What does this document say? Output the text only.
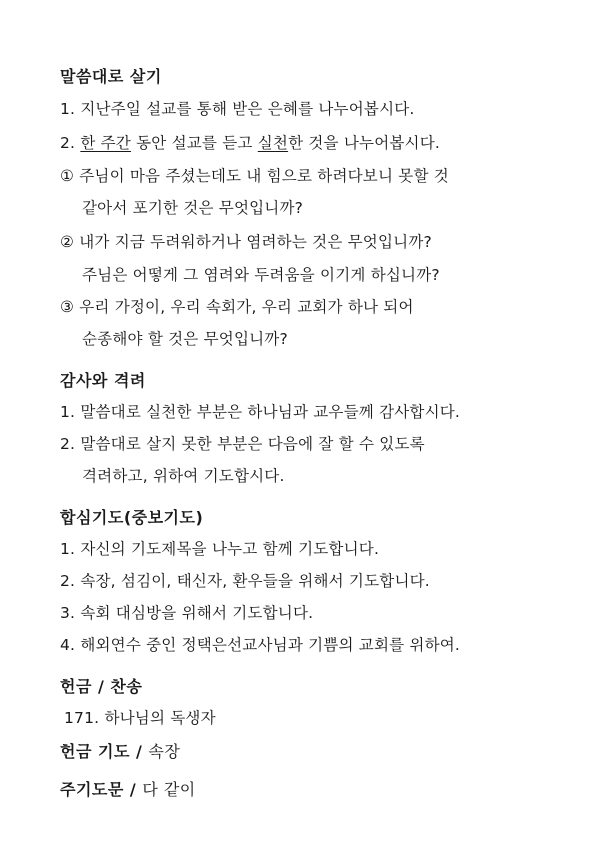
말씀대로 살기
1. 지난주일 설교를 통해 받은 은혜를 나누어봅시다.
2. 한 주간 동안 설교를 듣고 실천한 것을 나누어봅시다.
① 주님이 마음 주셨는데도 내 힘으로 하려다보니 못할 것
같아서 포기한 것은 무엇입니까?
② 내가 지금 두려워하거나 염려하는 것은 무엇입니까?
주님은 어떻게 그 염려와 두려움을 이기게 하십니까?
③ 우리 가정이, 우리 속회가, 우리 교회가 하나 되어
순종해야 할 것은 무엇입니까?
감사와 격려
1. 말씀대로 실천한 부분은 하나님과 교우들께 감사합시다.
2. 말씀대로 살지 못한 부분은 다음에 잘 할 수 있도록
격려하고, 위하여 기도합시다.
합심기도(중보기도)
1. 자신의 기도제목을 나누고 함께 기도합니다.
2. 속장, 섬김이, 태신자, 환우들을 위해서 기도합니다.
3. 속회 대심방을 위해서 기도합니다.
4. 해외연수 중인 정택은선교사님과 기쁨의 교회를 위하여.
헌금 / 찬송
171. 하나님의 독생자
헌금 기도 / 속장
주기도문 / 다 같이
